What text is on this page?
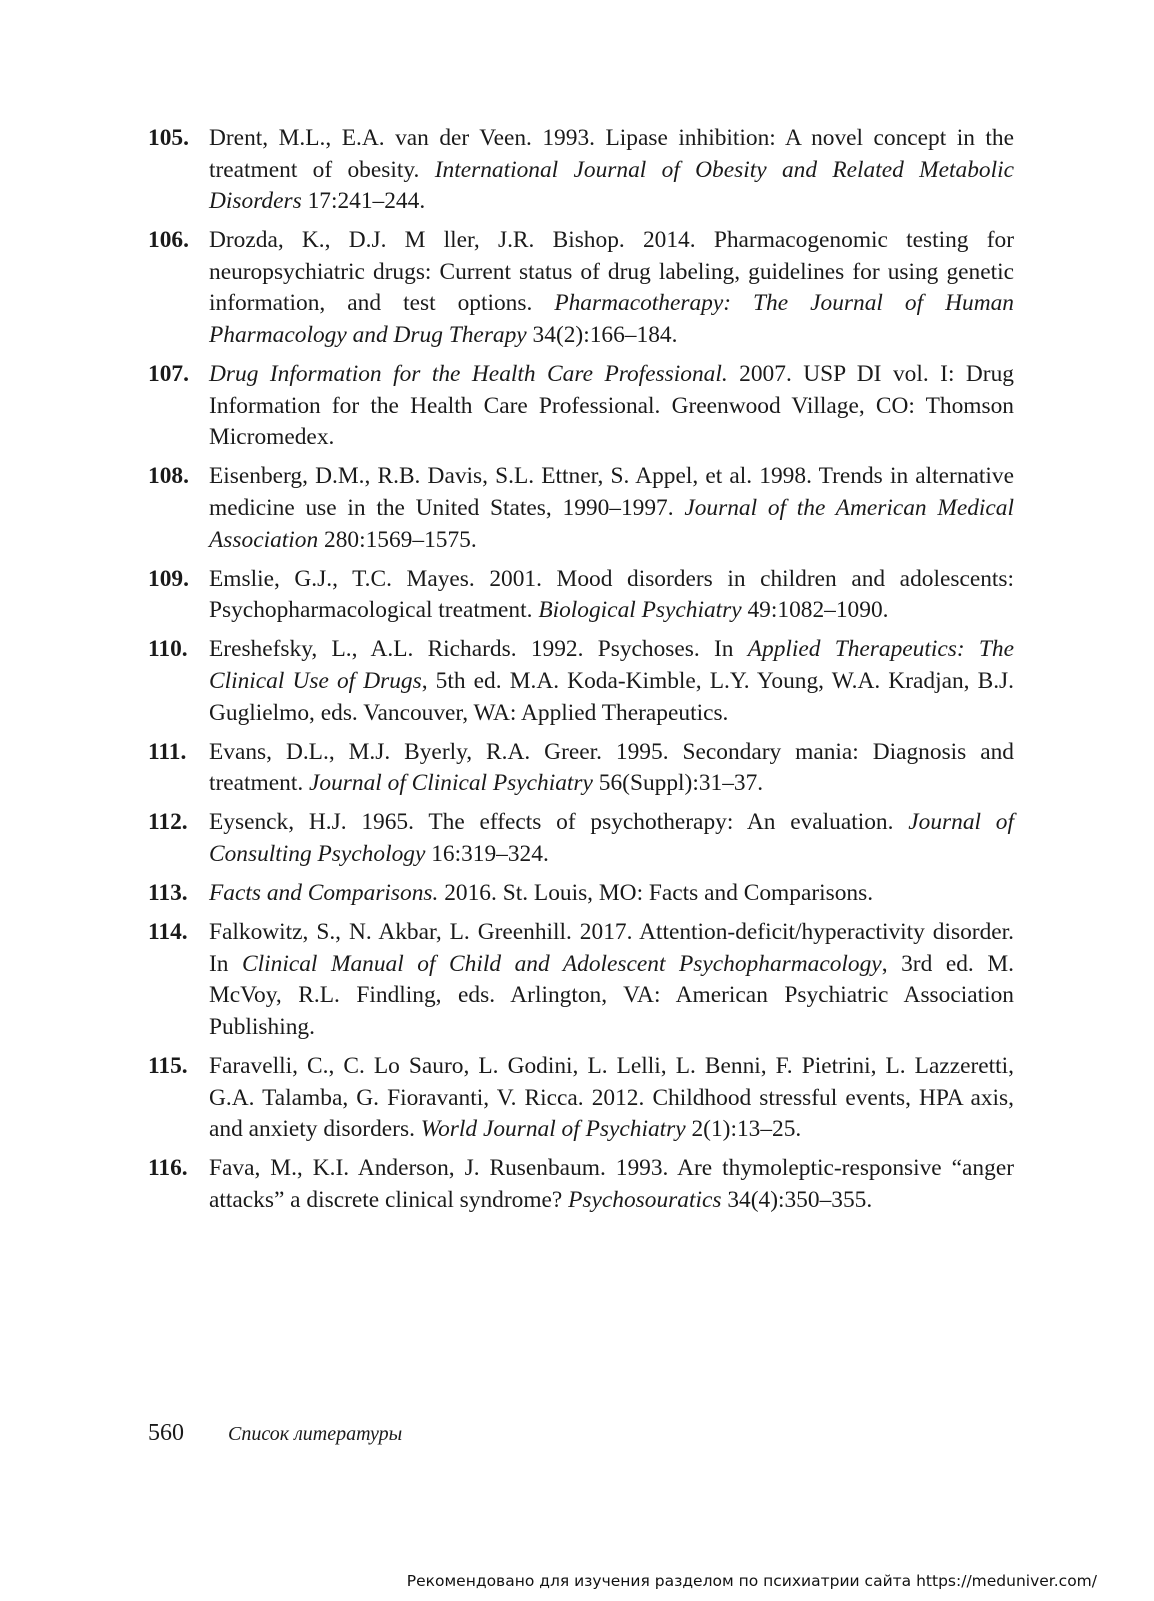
105. Drent, M.L., E.A. van der Veen. 1993. Lipase inhibition: A novel concept in the treatment of obesity. International Journal of Obesity and Related Metabolic Disorders 17:241–244.
106. Drozda, K., D.J. M ller, J.R. Bishop. 2014. Pharmacogenomic testing for neuropsychiatric drugs: Current status of drug labeling, guidelines for using genetic information, and test options. Pharmacotherapy: The Journal of Human Pharmacology and Drug Therapy 34(2):166–184.
107. Drug Information for the Health Care Professional. 2007. USP DI vol. I: Drug Information for the Health Care Professional. Greenwood Village, CO: Thomson Micromedex.
108. Eisenberg, D.M., R.B. Davis, S.L. Ettner, S. Appel, et al. 1998. Trends in alternative medicine use in the United States, 1990–1997. Journal of the American Medical Association 280:1569–1575.
109. Emslie, G.J., T.C. Mayes. 2001. Mood disorders in children and adolescents: Psychopharmacological treatment. Biological Psychiatry 49:1082–1090.
110. Ereshefsky, L., A.L. Richards. 1992. Psychoses. In Applied Therapeutics: The Clinical Use of Drugs, 5th ed. M.A. Koda-Kimble, L.Y. Young, W.A. Kradjan, B.J. Guglielmo, eds. Vancouver, WA: Applied Therapeutics.
111. Evans, D.L., M.J. Byerly, R.A. Greer. 1995. Secondary mania: Diagnosis and treatment. Journal of Clinical Psychiatry 56(Suppl):31–37.
112. Eysenck, H.J. 1965. The effects of psychotherapy: An evaluation. Journal of Consulting Psychology 16:319–324.
113. Facts and Comparisons. 2016. St. Louis, MO: Facts and Comparisons.
114. Falkowitz, S., N. Akbar, L. Greenhill. 2017. Attention-deficit/hyperactivity disorder. In Clinical Manual of Child and Adolescent Psychopharmacology, 3rd ed. M. McVoy, R.L. Findling, eds. Arlington, VA: American Psychiatric Association Publishing.
115. Faravelli, C., C. Lo Sauro, L. Godini, L. Lelli, L. Benni, F. Pietrini, L. Lazzeretti, G.A. Talamba, G. Fioravanti, V. Ricca. 2012. Childhood stressful events, HPA axis, and anxiety disorders. World Journal of Psychiatry 2(1):13–25.
116. Fava, M., K.I. Anderson, J. Rusenbaum. 1993. Are thymoleptic-responsive “anger attacks” a discrete clinical syndrome? Psychosouratics 34(4):350–355.
560 Список литературы
Рекомендовано для изучения разделом по психиатрии сайта https://meduniver.com/
